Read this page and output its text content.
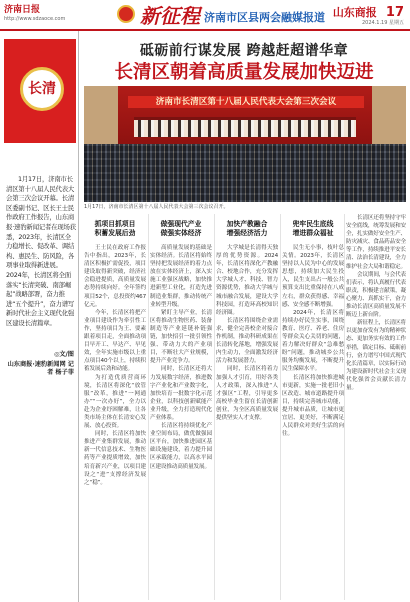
济南日报
http://www.sdzaoce.com	新征程 济南市区县两会融媒报道 山东商报 17
2024.1.19 星期五
长清
1月17日，济南市长清区第十八届人民代表大会第三次会议开幕。长清区委副书记、区长王士民作政府工作报告，山东商报·速豹新闻记者在现场获悉，2023年，长清区全力稳增长、促改革、调结构、惠民生、防风险，各项事业取得新进展。2024年，长清区将全面落实“长清突破、南部崛起”战略部署，奋力推进“五个提升”，奋力谱写新时代社会主义现代化强区建设长清篇章。
◎文/图
山东商报·速豹新闻网 记者 杨子菲
砥砺前行谋发展 跨越赶超谱华章
长清区朝着高质量发展加快迈进
济南市长清区第十八届人民代表大会第三次会议
1月17日，济南市长清区第十八届人民代表大会第三次会议召开。
抓项目抓项目
积蓄发展后劲

王士民在政府工作报告中指出，2023年，长清区积极扩需促投，项目建设取得新突破，经济社会稳进提质，高质量发展态势持续向好。全年签约项目52个，总投资约467亿元。

今年，长清区将把产业项目建设作为牵引性工作，坚持项目为王、要素跟着项目走，全面推动项目早开工、早达产、早见效，全年实施市级以上重点项目40个以上，持续积蓄发展后劲和动能。

为打造优质营商环境，长清区将深化“放管服”改革，推进“一网通办”“一次办好”，全力以赴为企业纾困解难，让各类市场主体在长清安心发展、放心投资。

同时，长清区将加快推进产业集群发展，推动新一代信息技术、生物医药等产业提质增效，加快培育新兴产业，以项目建设之“进”支撑经济发展之“稳”。

做强现代产业
做强实体经济

高质量发展的基础是实体经济。长清区将始终坚持把发展经济的着力点放在实体经济上，深入实施工业强区战略，加快推进新型工业化，打造先进制造业集群，推动传统产业转型升级。

紧盯主导产业，长清区将推动生物医药、装备制造等产业延链补链强链，加快招引一批引领性强、带动力大的产业项目，不断壮大产业规模，提升产业竞争力。

同时，长清区还将大力发展数字经济，推进数字产业化和产业数字化，加快培育一批数字化示范企业，以科技创新赋能产业升级，全力打造现代化产业体系。

长清区将持续优化产业空间布局，做优做强园区平台，加快推进园区基础设施建设，着力提升园区承载能力，以高水平园区建设推动高质量发展。

加快产教融合
增强经济活力

大学城是长清得天独厚的优势资源。2024年，长清区将深化产教融合、校地合作，充分发挥大学城人才、科技、智力资源优势，推动大学城与城市融合发展，建设大学科技园，打造环高校知识经济圈。

长清区将围绕企业需求，健全完善校企对接合作机制，推动科研成果在长清转化落地，增强发展内生动力，全面激发经济活力和发展潜力。

同时，长清区将着力加强人才引育，用好各类人才政策，深入推进“人才强区”工程，引导更多高校毕业生留在长清创新创业，为全区高质量发展提供坚实人才支撑。

兜牢民生底线
增进群众福祉

民生无小事，枝叶总关情。2023年，长清区坚持以人民为中心的发展思想，持续加大民生投入，民生支出占一般公共预算支出比重保持在八成左右，群众获得感、幸福感、安全感不断增强。

2024年，长清区将持续办好民生实事，围绕教育、医疗、养老、住房等群众关心关切的问题，着力解决好群众“急难愁盼”问题，推动城乡公共服务均衡发展，不断提升民生保障水平。

长清区将加快推进城市更新，实施一批老旧小区改造、城市道路提升项目，持续完善城市功能，提升城市品质，让城市更宜居、更美好，不断满足人民群众对美好生活的向往。

长清区还将坚持守牢安全底线，统筹发展和安全，扎实做好安全生产、防灾减灾、食品药品安全等工作，持续推进平安长清、法治长清建设，全力维护社会大局和谐稳定。

会议期间，与会代表们表示，将认真履行代表职责，积极建言献策，凝心聚力、真抓实干，奋力推动长清区高质量发展不断迈上新台阶。

新征程上，长清区将以更加奋发有为的精神状态、更加务实有效的工作举措，锚定目标、砥砺前行，奋力谱写中国式现代化长清篇章，以实际行动为建设新时代社会主义现代化强省会贡献长清力量。
